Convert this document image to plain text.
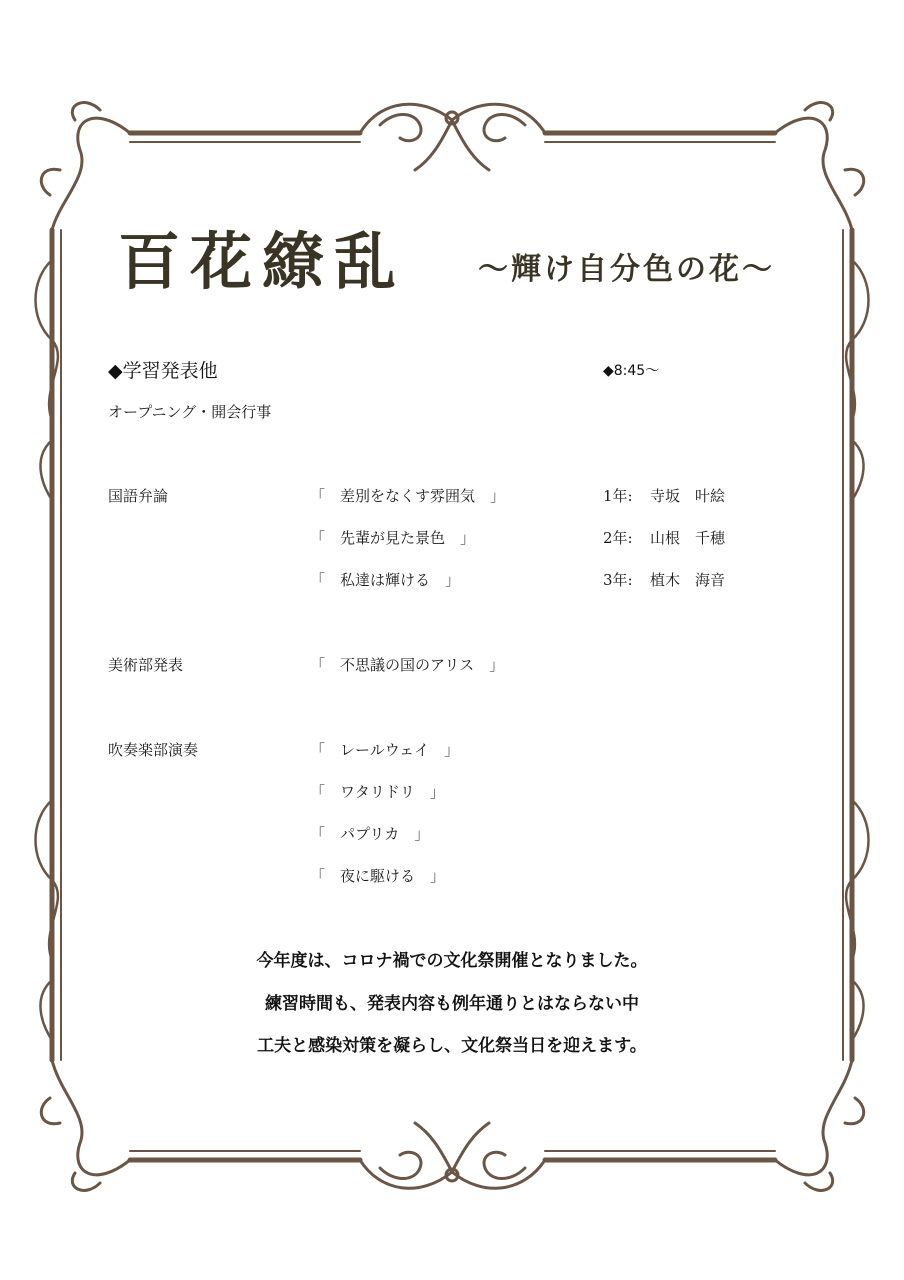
百花繚乱 ～輝け自分色の花～
◆学習発表他	◆8:45～
オープニング・開会行事
国語弁論	「　差別をなくす雰囲気　」	1年: 寺坂　叶絵
「　先輩が見た景色　」	2年: 山根　千穂
「　私達は輝ける　」	3年: 植木　海音
美術部発表	「　不思議の国のアリス　」
吹奏楽部演奏	「　レールウェイ　」
「　ワタリドリ　」
「　パプリカ　」
「　夜に駆ける　」
今年度は、コロナ禍での文化祭開催となりました。
練習時間も、発表内容も例年通りとはならない中
工夫と感染対策を凝らし、文化祭当日を迎えます。
